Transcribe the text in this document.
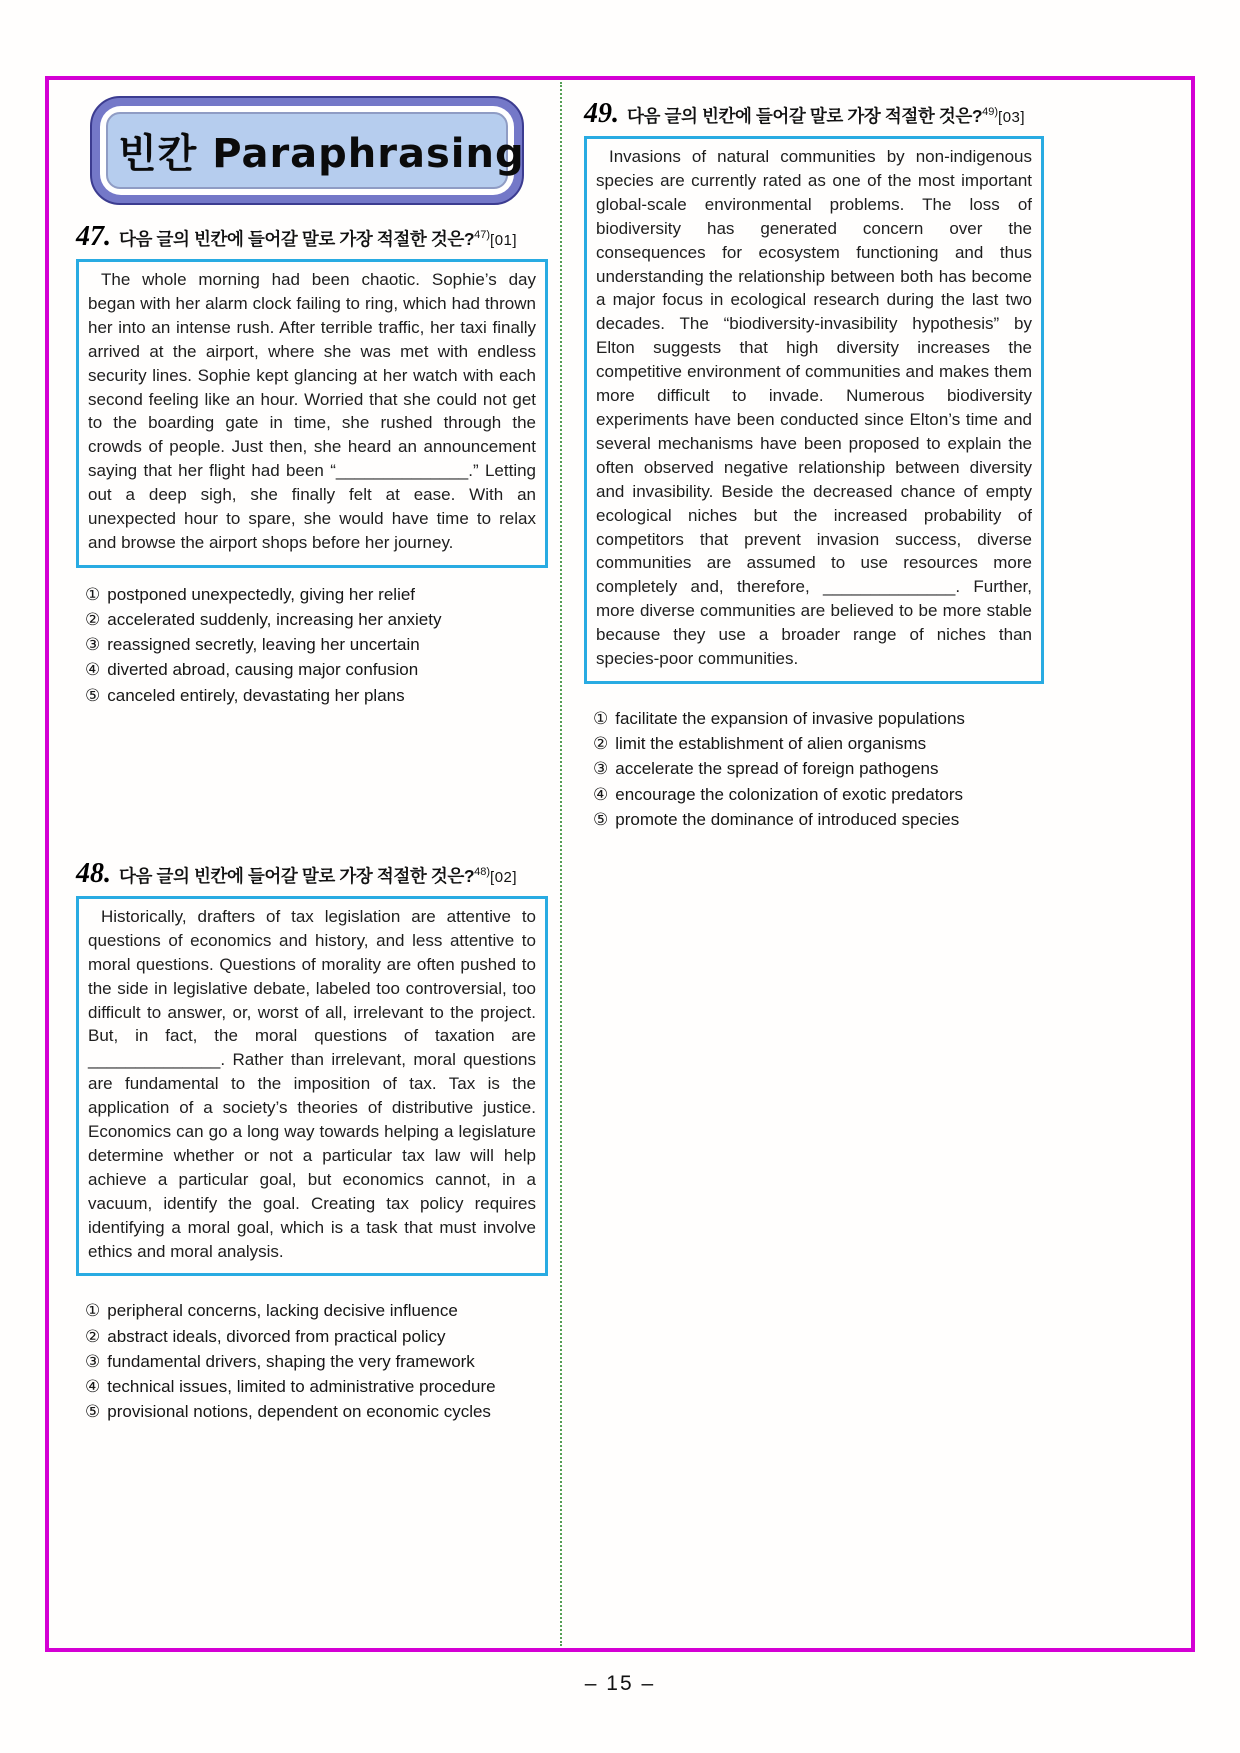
빈칸 Paraphrasing
47. 다음 글의 빈칸에 들어갈 말로 가장 적절한 것은?$^{47)}$[01]

The whole morning had been chaotic. Sophie’s day began with her alarm clock failing to ring, which had thrown her into an intense rush. After terrible traffic, her taxi finally arrived at the airport, where she was met with endless security lines. Sophie kept glancing at her watch with each second feeling like an hour. Worried that she could not get to the boarding gate in time, she rushed through the crowds of people. Just then, she heard an announcement saying that her flight had been “______________.” Letting out a deep sigh, she finally felt at ease. With an unexpected hour to spare, she would have time to relax and browse the airport shops before her journey.

① postponed unexpectedly, giving her relief
② accelerated suddenly, increasing her anxiety
③ reassigned secretly, leaving her uncertain
④ diverted abroad, causing major confusion
⑤ canceled entirely, devastating her plans
48. 다음 글의 빈칸에 들어갈 말로 가장 적절한 것은?$^{48)}$[02]

Historically, drafters of tax legislation are attentive to questions of economics and history, and less attentive to moral questions. Questions of morality are often pushed to the side in legislative debate, labeled too controversial, too difficult to answer, or, worst of all, irrelevant to the project. But, in fact, the moral questions of taxation are ______________. Rather than irrelevant, moral questions are fundamental to the imposition of tax. Tax is the application of a society’s theories of distributive justice. Economics can go a long way towards helping a legislature determine whether or not a particular tax law will help achieve a particular goal, but economics cannot, in a vacuum, identify the goal. Creating tax policy requires identifying a moral goal, which is a task that must involve ethics and moral analysis.

① peripheral concerns, lacking decisive influence
② abstract ideals, divorced from practical policy
③ fundamental drivers, shaping the very framework
④ technical issues, limited to administrative procedure
⑤ provisional notions, dependent on economic cycles
49. 다음 글의 빈칸에 들어갈 말로 가장 적절한 것은?$^{49)}$[03]

Invasions of natural communities by non-indigenous species are currently rated as one of the most important global-scale environmental problems. The loss of biodiversity has generated concern over the consequences for ecosystem functioning and thus understanding the relationship between both has become a major focus in ecological research during the last two decades. The “biodiversity-invasibility hypothesis” by Elton suggests that high diversity increases the competitive environment of communities and makes them more difficult to invade. Numerous biodiversity experiments have been conducted since Elton’s time and several mechanisms have been proposed to explain the often observed negative relationship between diversity and invasibility. Beside the decreased chance of empty ecological niches but the increased probability of competitors that prevent invasion success, diverse communities are assumed to use resources more completely and, therefore, ______________. Further, more diverse communities are believed to be more stable because they use a broader range of niches than species-poor communities.

① facilitate the expansion of invasive populations
② limit the establishment of alien organisms
③ accelerate the spread of foreign pathogens
④ encourage the colonization of exotic predators
⑤ promote the dominance of introduced species
– 15 –
